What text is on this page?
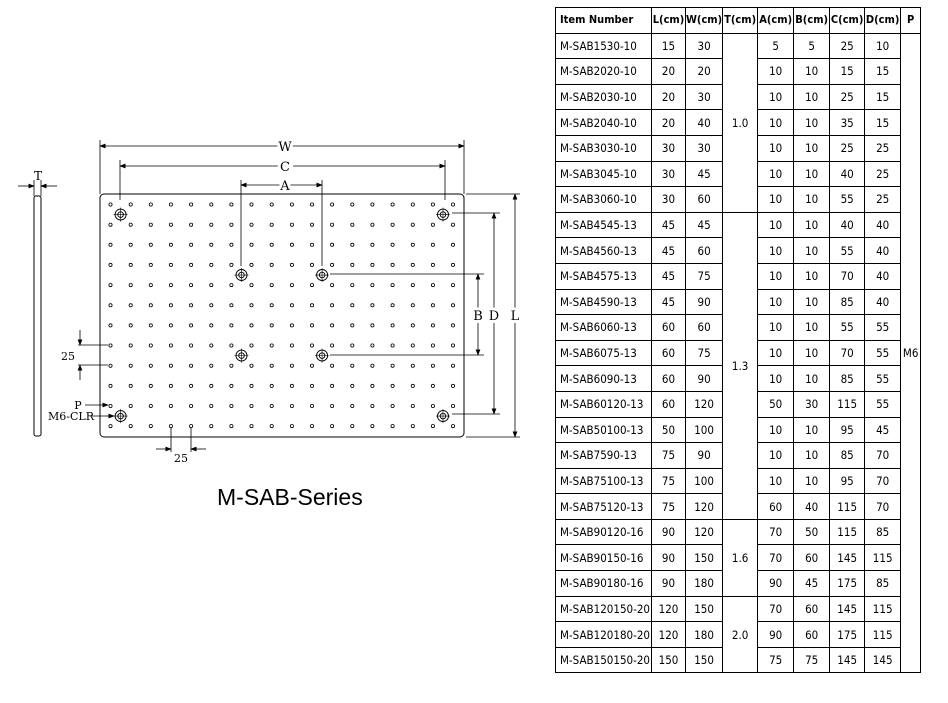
T
W
C
A
B D L
25
25
P
M6-CLR
M-SAB-Series
Item Number	L(cm)	W(cm)	T(cm)	A(cm)	B(cm)	C(cm)	D(cm)	P
M-SAB1530-10	15	30	1.0	5	5	25	10	M6
M-SAB2020-10	20	20		10	10	15	15	
M-SAB2030-10	20	30		10	10	25	15	
M-SAB2040-10	20	40		10	10	35	15	
M-SAB3030-10	30	30		10	10	25	25	
M-SAB3045-10	30	45		10	10	40	25	
M-SAB3060-10	30	60		10	10	55	25	
M-SAB4545-13	45	45	1.3	10	10	40	40	
M-SAB4560-13	45	60		10	10	55	40	
M-SAB4575-13	45	75		10	10	70	40	
M-SAB4590-13	45	90		10	10	85	40	
M-SAB6060-13	60	60		10	10	55	55	
M-SAB6075-13	60	75		10	10	70	55	
M-SAB6090-13	60	90		10	10	85	55	
M-SAB60120-13	60	120		50	30	115	55	
M-SAB50100-13	50	100		10	10	95	45	
M-SAB7590-13	75	90		10	10	85	70	
M-SAB75100-13	75	100		10	10	95	70	
M-SAB75120-13	75	120		60	40	115	70	
M-SAB90120-16	90	120	1.6	70	50	115	85	
M-SAB90150-16	90	150		70	60	145	115	
M-SAB90180-16	90	180		90	45	175	85	
M-SAB120150-20	120	150	2.0	70	60	145	115	
M-SAB120180-20	120	180		90	60	175	115	
M-SAB150150-20	150	150		75	75	145	145	
